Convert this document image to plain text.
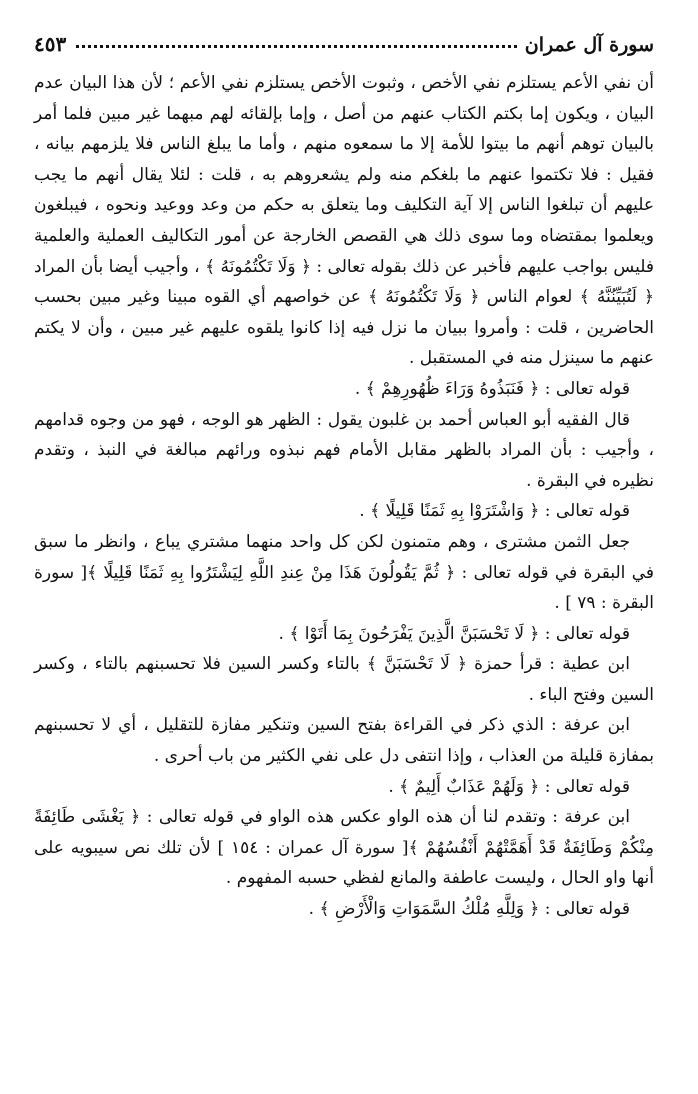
سورة آل عمران
٤٥٣

أن نفي الأعم يستلزم نفي الأخص ، وثبوت الأخص يستلزم نفي الأعم ؛ لأن هذا البيان عدم البيان ، ويكون إما بكتم الكتاب عنهم من أصل ، وإما بإلقائه لهم مبهما غير مبين فلما أمر بالبيان توهم أنهم ما بيتوا للأمة إلا ما سمعوه منهم ، وأما ما يبلغ الناس فلا يلزمهم بيانه ، فقيل : فلا تكتموا عنهم ما بلغكم منه ولم يشعروهم به ، قلت : لئلا يقال أنهم ما يجب عليهم أن تبلغوا الناس إلا آية التكليف وما يتعلق به حكم من وعد ووعيد ونحوه ، فيبلغون ويعلموا بمقتضاه وما سوى ذلك هي القصص الخارجة عن أمور التكاليف العملية والعلمية فليس بواجب عليهم فأخبر عن ذلك بقوله تعالى : ﴿ وَلَا تَكْتُمُونَهُ ﴾ ، وأجيب أيضا بأن المراد ﴿ لَتُبَيِّنُنَّهُ ﴾ لعوام الناس ﴿ وَلَا تَكْتُمُونَهُ ﴾ عن خواصهم أي القوه مبينا وغير مبين بحسب الحاضرين ، قلت : وأمروا ببيان ما نزل فيه إذا كانوا يلقوه عليهم غير مبين ، وأن لا يكتم عنهم ما سينزل منه في المستقبل .

قوله تعالى : ﴿ فَنَبَذُوهُ وَرَاءَ ظُهُورِهِمْ ﴾ .

قال الفقيه أبو العباس أحمد بن غلبون يقول : الظهر هو الوجه ، فهو من وجوه قدامهم ، وأجيب : بأن المراد بالظهر مقابل الأمام فهم نبذوه ورائهم مبالغة في النبذ ، وتقدم نظيره في البقرة .

قوله تعالى : ﴿ وَاشْتَرَوْا بِهِ ثَمَنًا قَلِيلًا ﴾ .

جعل الثمن مشترى ، وهم متمنون لكن كل واحد منهما مشتري يباع ، وانظر ما سبق في البقرة في قوله تعالى : ﴿ ثُمَّ يَقُولُونَ هَذَا مِنْ عِندِ اللَّهِ لِيَشْتَرُوا بِهِ ثَمَنًا قَلِيلًا ﴾[ سورة البقرة : ٧٩ ] .

قوله تعالى : ﴿ لَا تَحْسَبَنَّ الَّذِينَ يَفْرَحُونَ بِمَا أَتَوْا ﴾ .

ابن عطية : قرأ حمزة ﴿ لَا تَحْسَبَنَّ ﴾ بالتاء وكسر السين فلا تحسبنهم بالتاء ، وكسر السين وفتح الباء .

ابن عرفة : الذي ذكر في القراءة بفتح السين وتنكير مفازة للتقليل ، أي لا تحسبنهم بمفازة قليلة من العذاب ، وإذا انتفى دل على نفي الكثير من باب أحرى .

قوله تعالى : ﴿ وَلَهُمْ عَذَابٌ أَلِيمٌ ﴾ .

ابن عرفة : وتقدم لنا أن هذه الواو عكس هذه الواو في قوله تعالى : ﴿ يَغْشَى طَائِفَةً مِنْكُمْ وَطَائِفَةٌ قَدْ أَهَمَّتْهُمْ أَنْفُسُهُمْ ﴾[ سورة آل عمران : ١٥٤ ] لأن تلك نص سيبويه على أنها واو الحال ، وليست عاطفة والمانع لفظي حسبه المفهوم .

قوله تعالى : ﴿ وَلِلَّهِ مُلْكُ السَّمَوَاتِ وَالْأَرْضِ ﴾ .
